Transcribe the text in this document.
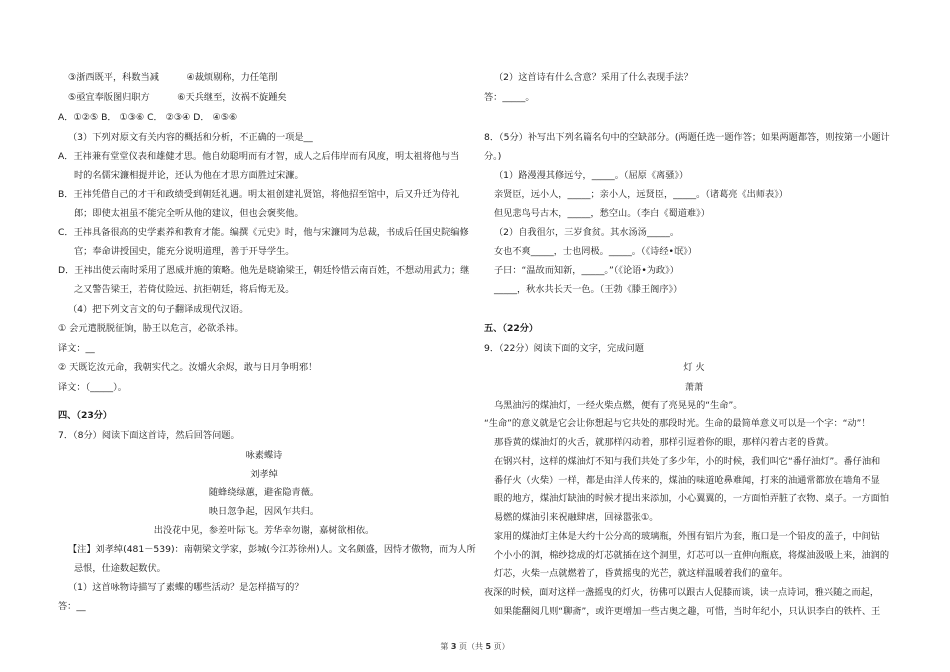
③浙西既平，科数当减　　　④裁烦剔称，力任笔削
⑤亟宜奉版图归职方　　　⑥天兵继至，汝祸不旋踵矣
A．①②⑤ B． ①③⑥ C． ②③④ D． ④⑤⑥
（3）下列对原文有关内容的概括和分析，不正确的一项是__
A．王祎兼有堂堂仪表和雄健才思。他自幼聪明而有才智，成人之后伟岸而有风度，明太祖将他与当
时的名儒宋濂相提并论，还认为他在才思方面胜过宋濂。
B．王祎凭借自己的才干和政绩受到朝廷礼遇。明太祖创建礼贤馆，将他招至馆中，后又升迁为侍礼
郎；即使太祖虽不能完全听从他的建议，但也会褒奖他。
C．王祎具备很高的史学素养和教育才能。编撰《元史》时，他与宋濂同为总裁，书成后任国史院编修
官；奉命讲授国史，能充分说明道理，善于开导学生。
D．王祎出使云南时采用了恩威并施的策略。他先是晓谕梁王，朝廷怜惜云南百姓，不想动用武力；继
之又警告梁王，若倚仗险远、抗拒朝廷，将后悔无及。
（4）把下列文言文的句子翻译成现代汉语。
① 会元遣脱脱征饷，胁王以危言，必欲杀祎。
译文：__
② 天既讫汝元命，我朝实代之。汝爝火余烬，敢与日月争明邪！
译文：（_____）。
四、（23分）
7．（8分）阅读下面这首诗，然后回答问题。
咏素蝶诗
刘孝绰
随蜂绕绿蕙，避雀隐青薇。
映日忽争起，因风乍共归。
出没花中见，参差叶际飞。芳华幸勿谢，嘉树欲相依。
【注】刘孝绰(481－539)：南朝梁文学家，彭城(今江苏徐州)人。文名颇盛，因恃才傲物，而为人所
忌恨，仕途数起数伏。
（1）这首咏物诗描写了素蝶的哪些活动？是怎样描写的？
答：__
（2）这首诗有什么含意？采用了什么表现手法？
答：_____。
8．（5分）补写出下列名篇名句中的空缺部分。(两题任选一题作答；如果两题都答，则按第一小题计
分。)
（1）路漫漫其修远兮，_____。（屈原《离骚》）
亲贤臣，远小人，_____；亲小人，远贤臣，_____。（诸葛亮《出师表》）
但见悲鸟号古木，_____，愁空山。（李白《蜀道难》）
（2）自我徂尔，三岁食贫。其水汤汤_____。
女也不爽_____，士也罔极。_____。（《诗经•氓》）
子曰：“温故而知新，_____。”（《论语•为政》）
_____，秋水共长天一色。（王勃《滕王阁序》）
五、（22分）
9．（22分）阅读下面的文字，完成问题
灯 火
萧萧
乌黑油污的煤油灯，一经火柴点燃，便有了亮晃晃的“生命”。
“生命”的意义就是它会让你想起与它共处的那段时光。生命的最简单意义可以是一个字：“动”！
那昏黄的煤油灯的火舌，就那样闪动着，那样引逗着你的眼，那样闪着古老的昏黄。
在钢兴村，这样的煤油灯不知与我们共处了多少年，小的时候，我们叫它“番仔油灯”。番仔油和
番仔火（火柴）一样，都是由洋人传来的，煤油的味道呛鼻难闻，打来的油通常都放在墙角不显
眼的地方，煤油灯缺油的时候才提出来添加，小心翼翼的，一方面怕弄脏了衣物、桌子。一方面怕
易燃的煤油引来祝融肆虐，回禄嚣张①。
家用的煤油灯主体是大约十公分高的玻璃瓶，外围有铝片为套，瓶口是一个铅皮的盖子，中间钻
个小小的洞，棉纱捻成的灯芯就插在这个洞里，灯芯可以一直伸向瓶底，将煤油汲吸上来，油润的
灯芯，火柴一点就燃着了，昏黄摇曳的光芒，就这样温暖着我们的童年。
夜深的时候，面对这样一盏摇曳的灯火，彷佛可以跟古人促膝而谈，读一点诗词，雅兴随之而起，
如果能翻阅几则“聊斋”，或许更增加一些古奥之趣，可惜，当时年纪小，只认识李白的铁杵、王
第 3 页（共 5 页）
